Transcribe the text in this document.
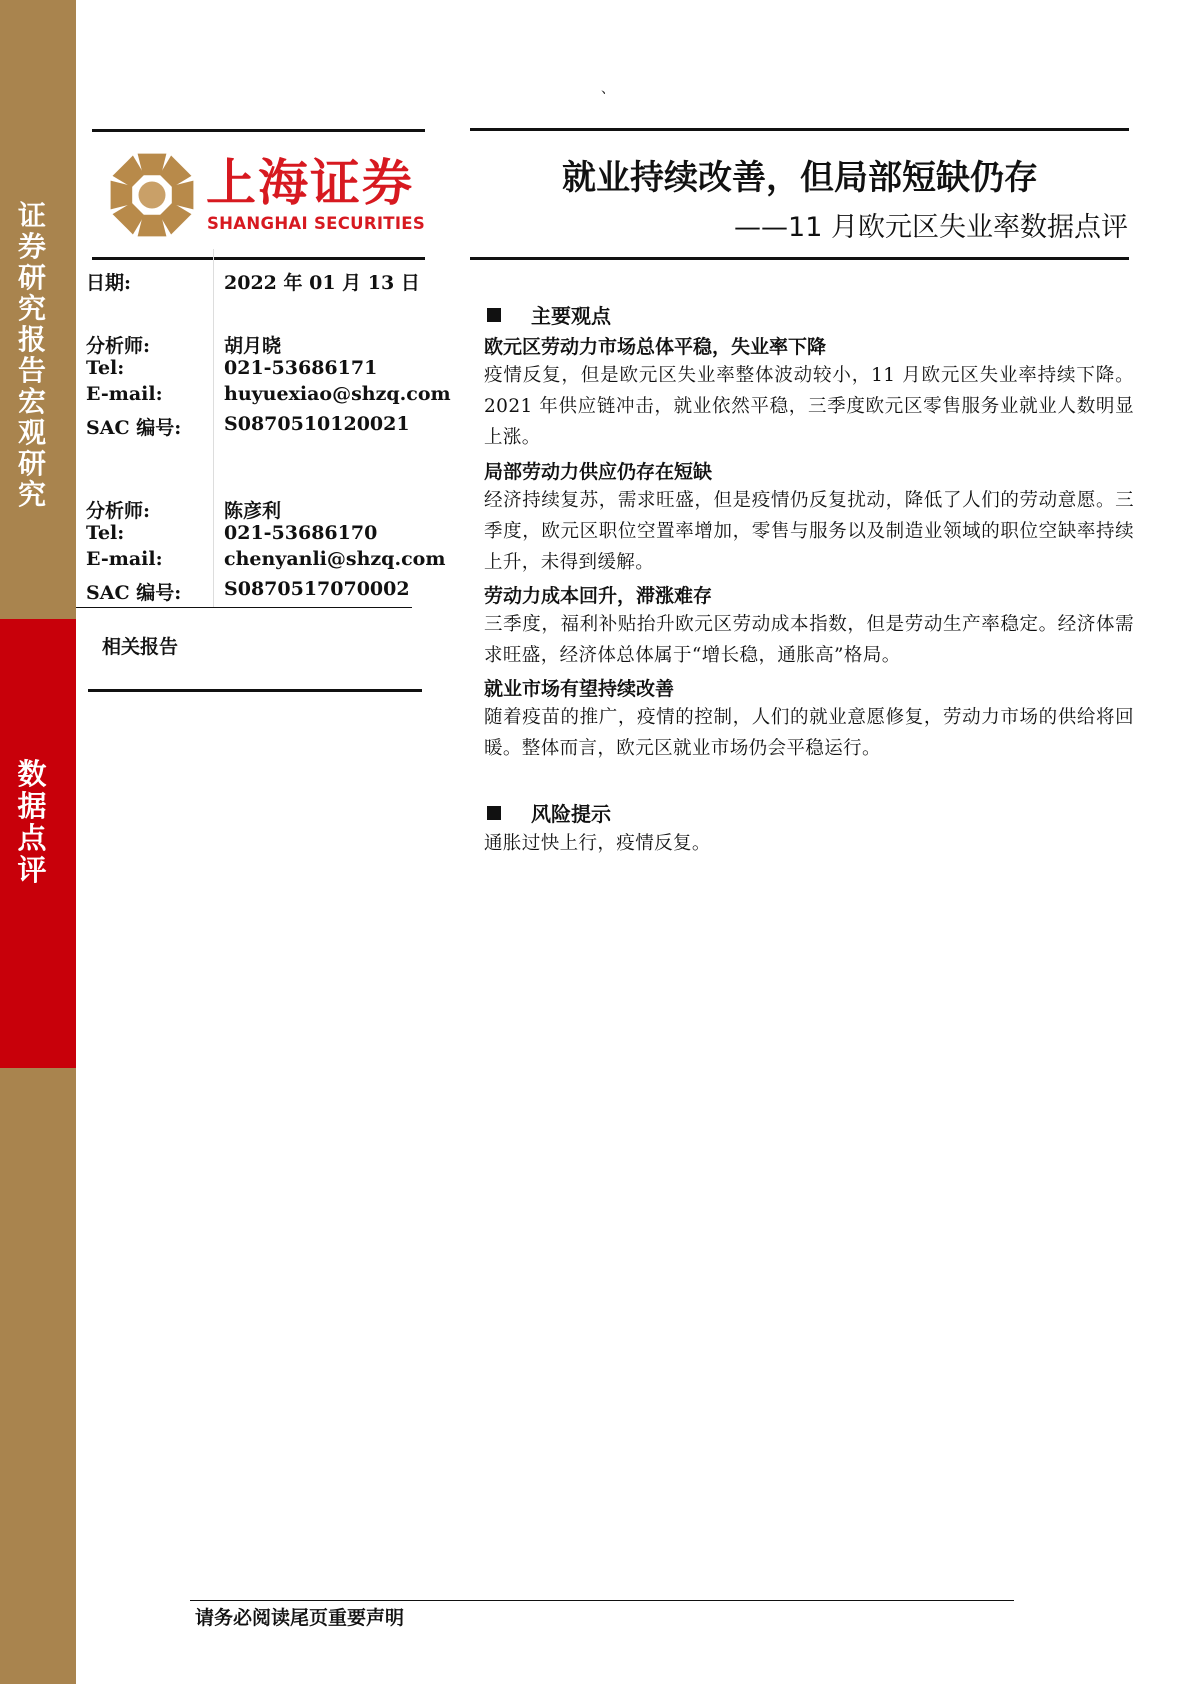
证券研究报告 宏观研究
数据点评
、
上海证券
SHANGHAI SECURITIES
就业持续改善，但局部短缺仍存
——11 月欧元区失业率数据点评
日期:	2022 年 01 月 13 日
分析师:	胡月晓
Tel:	021-53686171
E-mail:	huyuexiao@shzq.com
SAC 编号: S0870510120021
分析师:	陈彦利
Tel:	021-53686170
E-mail:	chenyanli@shzq.com
SAC 编号: S0870517070002
相关报告
主要观点
欧元区劳动力市场总体平稳，失业率下降
疫情反复，但是欧元区失业率整体波动较小，11 月欧元区失业率持续下降。2021 年供应链冲击，就业依然平稳，三季度欧元区零售服务业就业人数明显上涨。
局部劳动力供应仍存在短缺
经济持续复苏，需求旺盛，但是疫情仍反复扰动，降低了人们的劳动意愿。三季度，欧元区职位空置率增加，零售与服务以及制造业领域的职位空缺率持续上升，未得到缓解。
劳动力成本回升，滞涨难存
三季度，福利补贴抬升欧元区劳动成本指数，但是劳动生产率稳定。经济体需求旺盛，经济体总体属于“增长稳，通胀高”格局。
就业市场有望持续改善
随着疫苗的推广，疫情的控制，人们的就业意愿修复，劳动力市场的供给将回暖。整体而言，欧元区就业市场仍会平稳运行。
风险提示
通胀过快上行，疫情反复。
请务必阅读尾页重要声明
